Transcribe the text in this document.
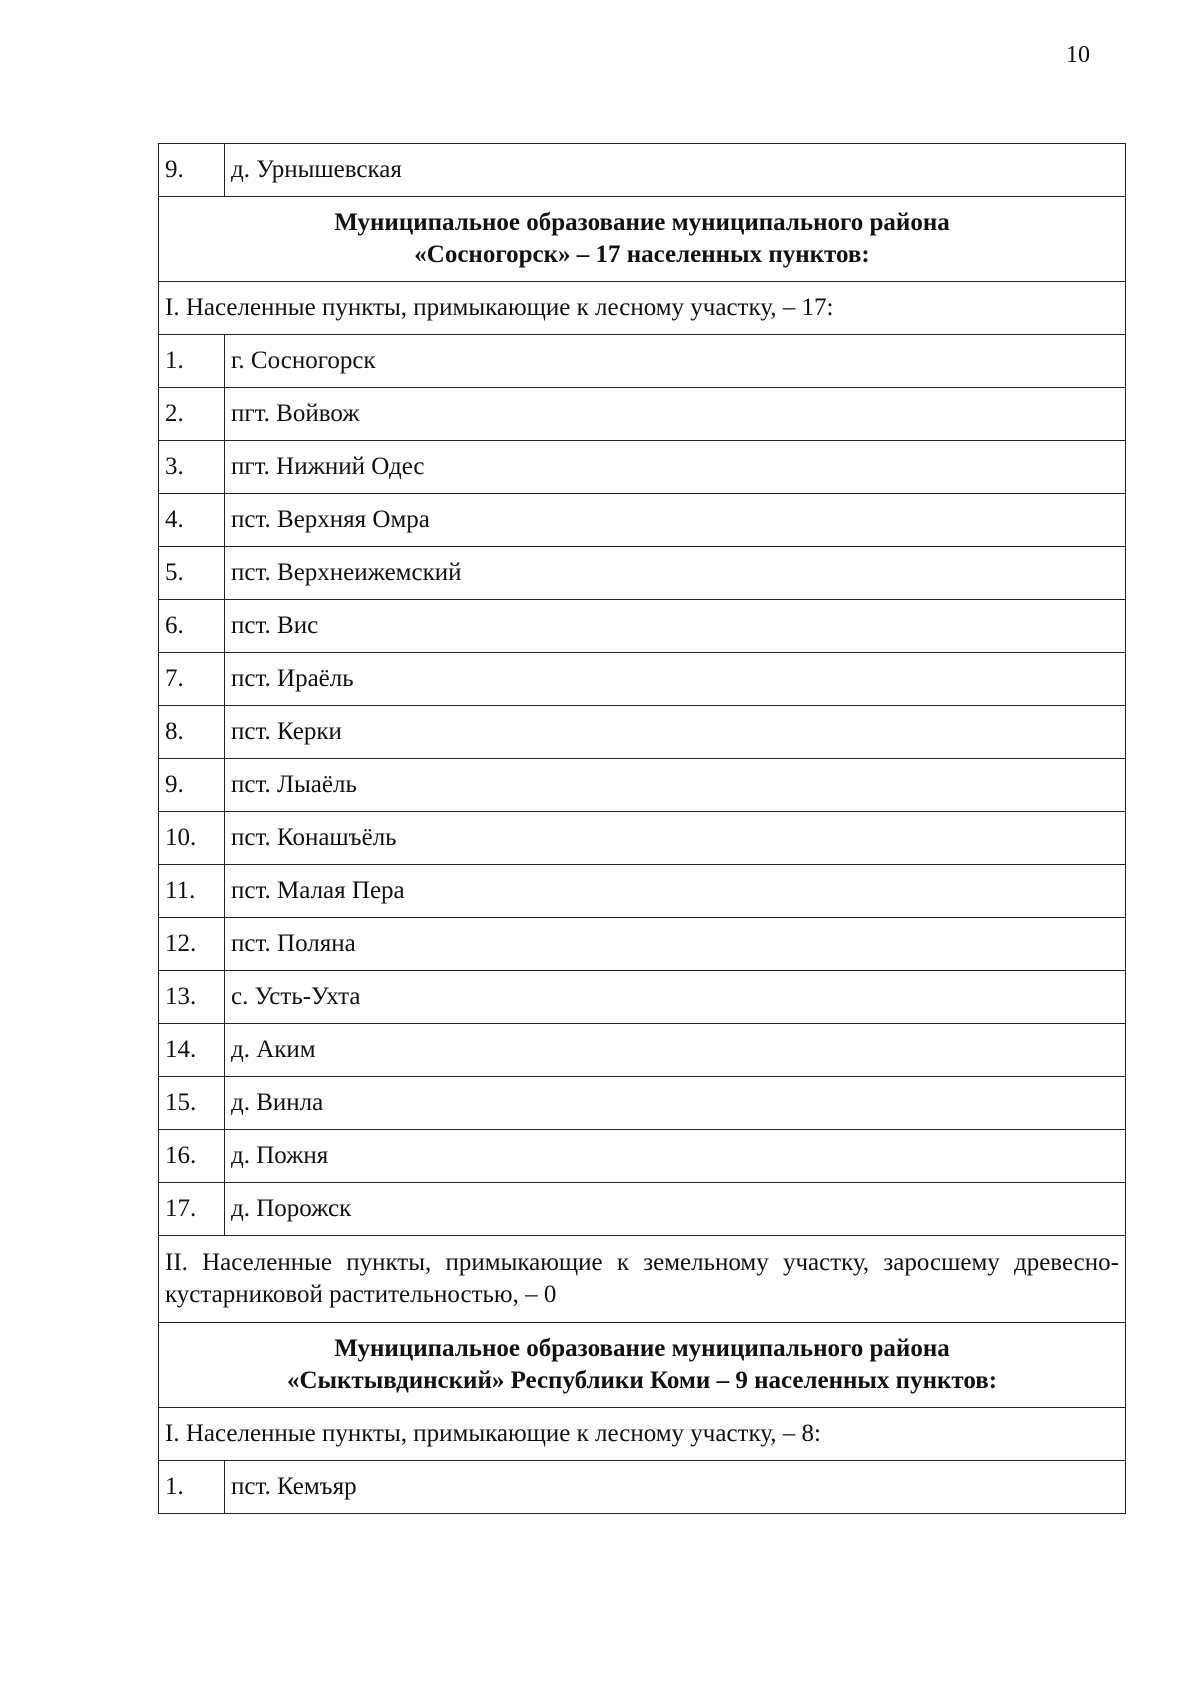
10
9.	д. Урнышевская

Муниципальное образование муниципального района
«Сосногорск» – 17 населенных пунктов:	

I. Населенные пункты, примыкающие к лесному участку, – 17:	
1.	г. Сосногорск
2.	пгт. Войвож
3.	пгт. Нижний Одес
4.	пст. Верхняя Омра
5.	пст. Верхнеижемский
6.	пст. Вис
7.	пст. Ираёль
8.	пст. Керки
9.	пст. Лыаёль
10.	пст. Конашъёль
11.	пст. Малая Пера
12.	пст. Поляна
13.	с. Усть-Ухта
14.	д. Аким
15.	д. Винла
16.	д. Пожня
17.	д. Порожск
II. Населенные пункты, примыкающие к земельному участку, заросшему древесно-кустарниковой растительностью, – 0	

Муниципальное образование муниципального района
«Сыктывдинский» Республики Коми – 9 населенных пунктов:	

I. Населенные пункты, примыкающие к лесному участку, – 8:	
1.	пст. Кемъяр
